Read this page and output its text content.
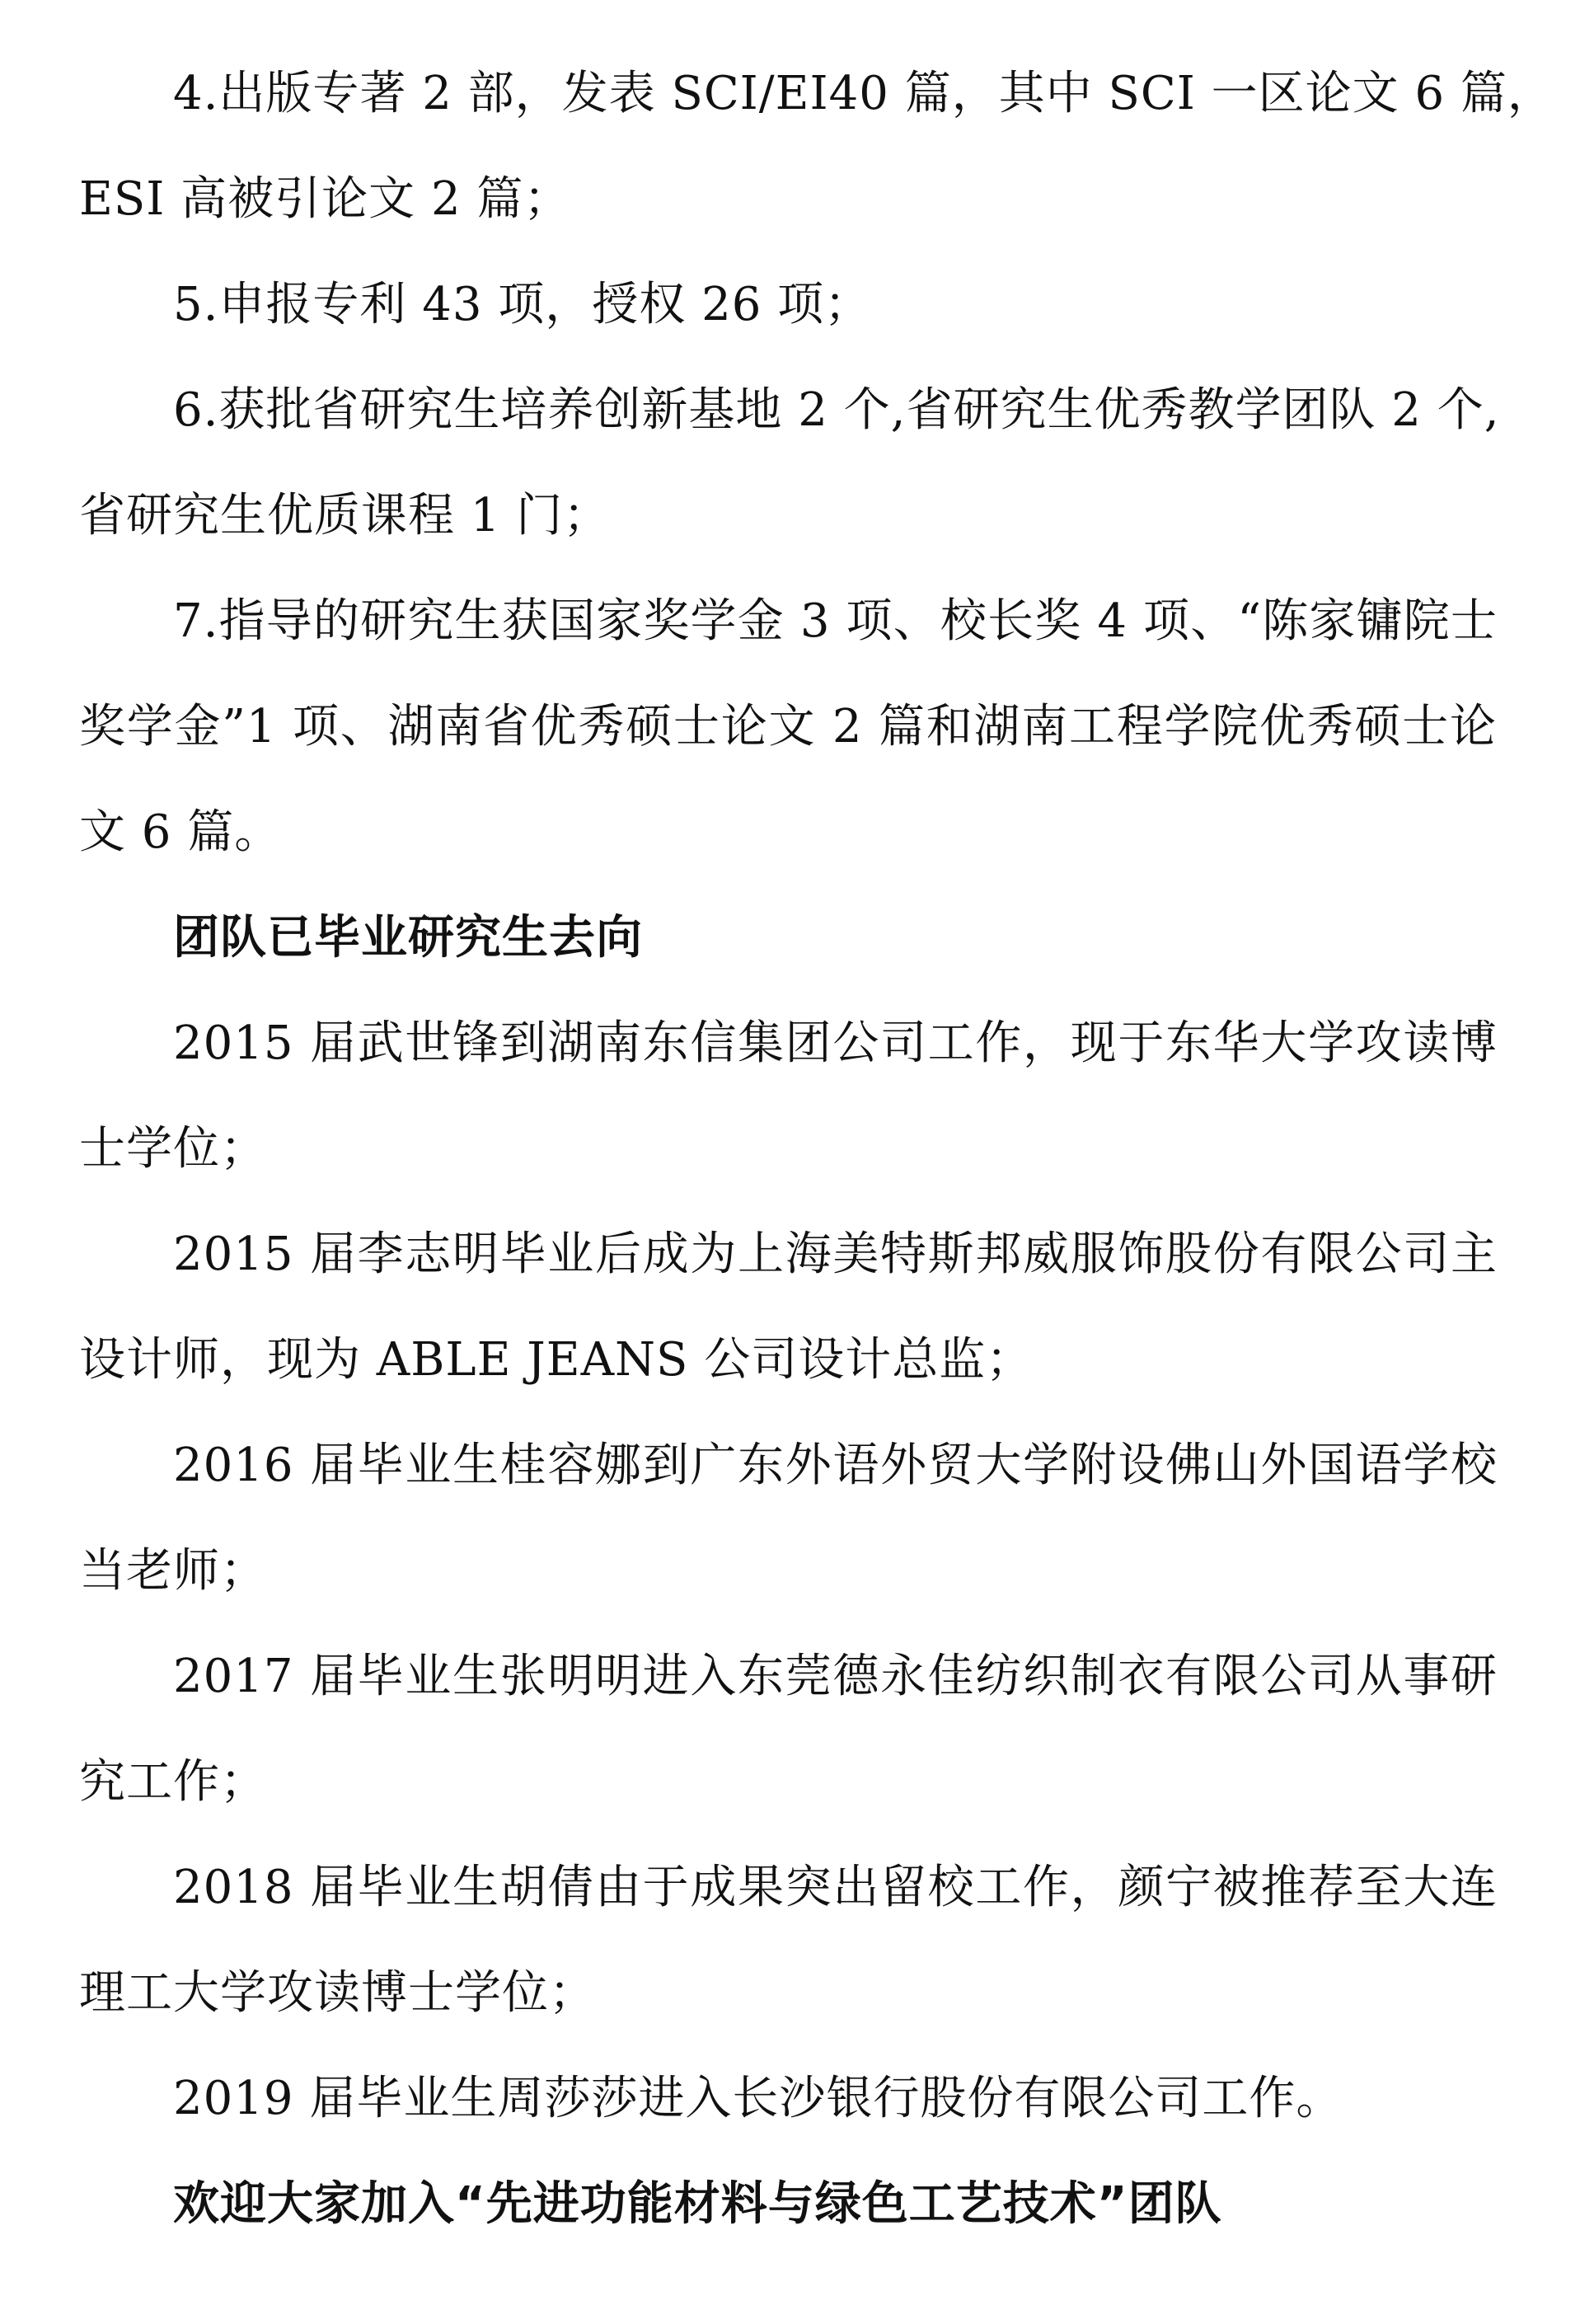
4.出版专著 2 部，发表 SCI/EI40 篇，其中 SCI 一区论文 6 篇，
ESI 高被引论文 2 篇；
5.申报专利 43 项，授权 26 项；
6.获批省研究生培养创新基地 2 个,省研究生优秀教学团队 2 个,
省研究生优质课程 1 门；
7.指导的研究生获国家奖学金 3 项、校长奖 4 项、“陈家镛院士
奖学金”1 项、湖南省优秀硕士论文 2 篇和湖南工程学院优秀硕士论
文 6 篇。
团队已毕业研究生去向
2015 届武世锋到湖南东信集团公司工作，现于东华大学攻读博
士学位；
2015 届李志明毕业后成为上海美特斯邦威服饰股份有限公司主
设计师，现为 ABLE JEANS 公司设计总监；
2016 届毕业生桂容娜到广东外语外贸大学附设佛山外国语学校
当老师；
2017 届毕业生张明明进入东莞德永佳纺织制衣有限公司从事研
究工作；
2018 届毕业生胡倩由于成果突出留校工作，颜宁被推荐至大连
理工大学攻读博士学位；
2019 届毕业生周莎莎进入长沙银行股份有限公司工作。
欢迎大家加入“先进功能材料与绿色工艺技术”团队
